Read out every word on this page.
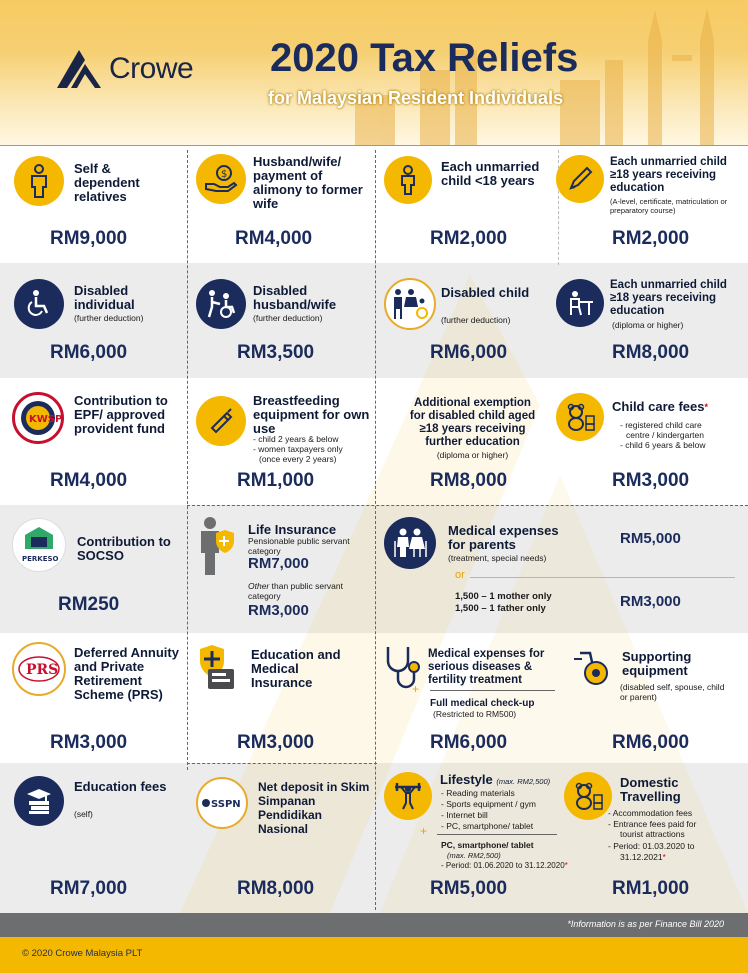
Crowe 2020 Tax Reliefs
for Malaysian Resident Individuals
Self & dependent relatives
RM9,000
$
Husband/wife/ payment of alimony to former wife
RM4,000
Each unmarried child <18 years
RM2,000
Each unmarried child ≥18 years receiving education
(A-level, certificate, matriculation or preparatory course)
RM2,000
Disabled individual
(further deduction)
RM6,000
Disabled husband/wife
(further deduction)
RM3,500
Disabled child
(further deduction)
RM6,000
Each unmarried child ≥18 years receiving education
(diploma or higher)
RM8,000
KWSP
Contribution to EPF/ approved provident fund
RM4,000
Breastfeeding equipment for own use
- child 2 years & below
- women taxpayers only
(once every 2 years)
RM1,000
Additional exemption for disabled child aged ≥18 years receiving further education
(diploma or higher)
RM8,000
Child care fees*
- registered child care
centre / kindergarten
- child 6 years & below
RM3,000
PERKESO
Contribution to SOCSO
RM250
Life Insurance
Pensionable public servant category
RM7,000
Other than public servant category
RM3,000
Medical expenses for parents
(treatment, special needs)
or
1,500 – 1 mother only
1,500 – 1 father only
RM5,000
RM3,000
PRS
Deferred Annuity and Private Retirement Scheme (PRS)
RM3,000
Education and Medical Insurance
RM3,000
Medical expenses for serious diseases & fertility treatment
+
Full medical check-up
(Restricted to RM500)
RM6,000
Supporting equipment
(disabled self, spouse, child or parent)
RM6,000
Education fees
(self)
RM7,000
SSPN
Net deposit in Skim Simpanan Pendidikan Nasional
RM8,000
Lifestyle (max. RM2,500)
- Reading materials
- Sports equipment / gym
- Internet bill
- PC, smartphone/ tablet
+
PC, smartphone/ tablet
(max. RM2,500)
- Period: 01.06.2020 to 31.12.2020*
RM5,000
Domestic Travelling
- Accommodation fees
- Entrance fees paid for
tourist attractions
- Period: 01.03.2020 to
31.12.2021*
RM1,000
*Information is as per Finance Bill 2020
© 2020 Crowe Malaysia PLT
